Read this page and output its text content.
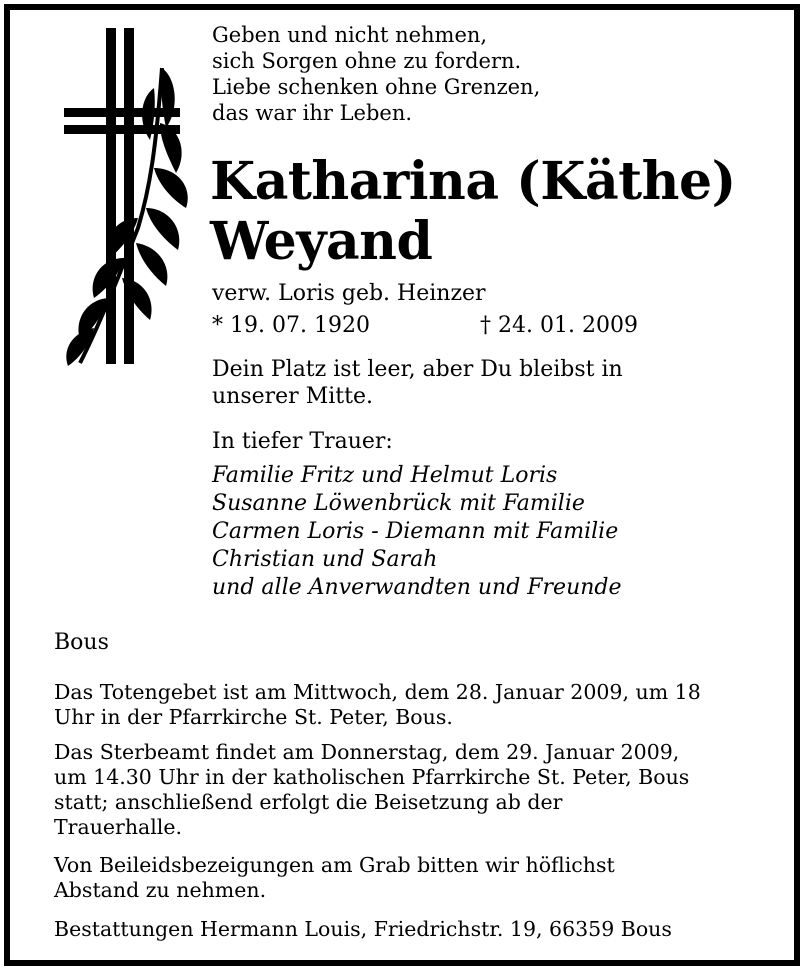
Geben und nicht nehmen,
sich Sorgen ohne zu fordern.
Liebe schenken ohne Grenzen,
das war ihr Leben.
Katharina (Käthe)
Weyand
verw. Loris geb. Heinzer
* 19. 07. 1920	† 24. 01. 2009
Dein Platz ist leer, aber Du bleibst in
unserer Mitte.
In tiefer Trauer:
Familie Fritz und Helmut Loris
Susanne Löwenbrück mit Familie
Carmen Loris - Diemann mit Familie
Christian und Sarah
und alle Anverwandten und Freunde
Bous
Das Totengebet ist am Mittwoch, dem 28. Januar 2009, um 18
Uhr in der Pfarrkirche St. Peter, Bous.
Das Sterbeamt findet am Donnerstag, dem 29. Januar 2009,
um 14.30 Uhr in der katholischen Pfarrkirche St. Peter, Bous
statt; anschließend erfolgt die Beisetzung ab der
Trauerhalle.
Von Beileidsbezeigungen am Grab bitten wir höflichst
Abstand zu nehmen.
Bestattungen Hermann Louis, Friedrichstr. 19, 66359 Bous
